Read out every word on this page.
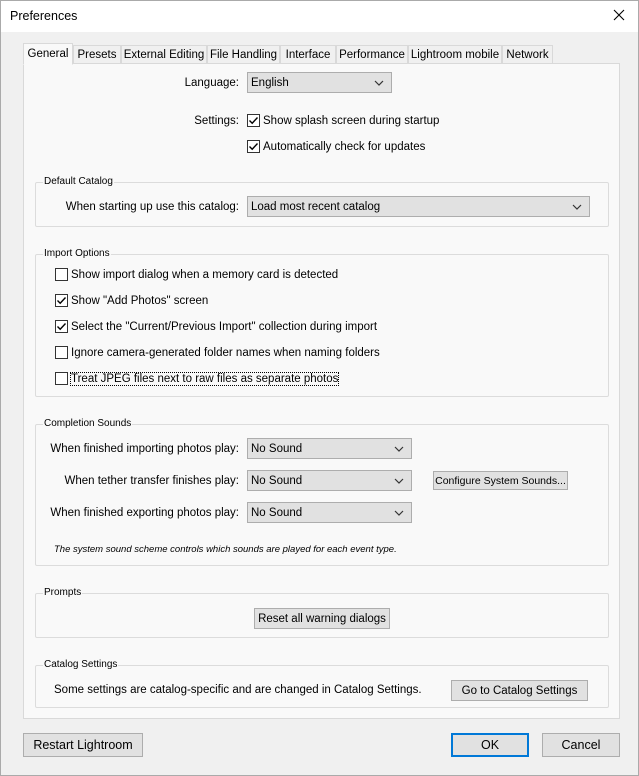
Preferences
General Presets External Editing File Handling Interface Performance Lightroom mobile Network
Language: English
Settings: Show splash screen during startup
Automatically check for updates
Default Catalog
When starting up use this catalog: Load most recent catalog
Import Options
Show import dialog when a memory card is detected
Show "Add Photos" screen
Select the "Current/Previous Import" collection during import
Ignore camera-generated folder names when naming folders
Treat JPEG files next to raw files as separate photos
Completion Sounds
When finished importing photos play: No Sound
When tether transfer finishes play: No Sound	Configure System Sounds...
When finished exporting photos play: No Sound
The system sound scheme controls which sounds are played for each event type.
Prompts
Reset all warning dialogs
Catalog Settings
Some settings are catalog-specific and are changed in Catalog Settings.	Go to Catalog Settings
Restart Lightroom	OK	Cancel
